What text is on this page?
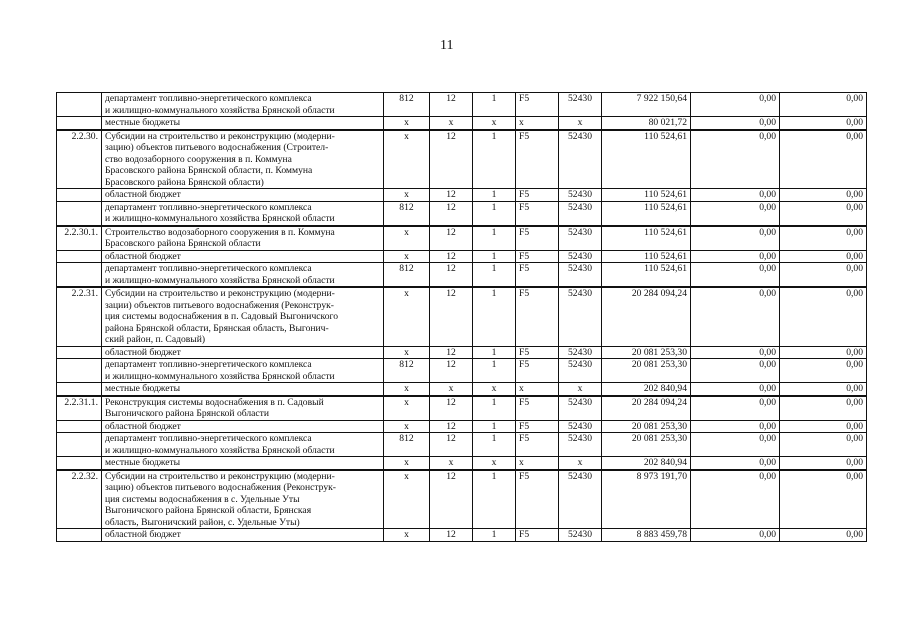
11

	департамент топливно-энергетического комплекса
и жилищно-коммунального хозяйства Брянской области	812	12	1	F5	52430	7 922 150,64	0,00	0,00

	местные бюджеты	x	x	x	x	x	80 021,72	0,00	0,00
2.2.30.	Субсидии на строительство и реконструкцию (модерни-
зацию) объектов питьевого водоснабжения (Строител-
ство водозаборного сооружения в п. Коммуна
Брасовского района Брянской области, п. Коммуна
Брасовского района Брянской области)	x	12	1	F5	52430	110 524,61	0,00	0,00

	областной бюджет	x	12	1	F5	52430	110 524,61	0,00	0,00

	департамент топливно-энергетического комплекса
и жилищно-коммунального хозяйства Брянской области	812	12	1	F5	52430	110 524,61	0,00	0,00
2.2.30.1.	Строительство водозаборного сооружения в п. Коммуна
Брасовского района Брянской области	x	12	1	F5	52430	110 524,61	0,00	0,00

	областной бюджет	x	12	1	F5	52430	110 524,61	0,00	0,00

	департамент топливно-энергетического комплекса
и жилищно-коммунального хозяйства Брянской области	812	12	1	F5	52430	110 524,61	0,00	0,00
2.2.31.	Субсидии на строительство и реконструкцию (модерни-
зации) объектов питьевого водоснабжения (Реконструк-
ция системы водоснабжения в п. Садовый Выгоничского
района Брянской области, Брянская область, Выгонич-
ский район, п. Садовый)	x	12	1	F5	52430	20 284 094,24	0,00	0,00

	областной бюджет	x	12	1	F5	52430	20 081 253,30	0,00	0,00

	департамент топливно-энергетического комплекса
и жилищно-коммунального хозяйства Брянской области	812	12	1	F5	52430	20 081 253,30	0,00	0,00

	местные бюджеты	x	x	x	x	x	202 840,94	0,00	0,00
2.2.31.1.	Реконструкция системы водоснабжения в п. Садовый
Выгоничского района Брянской области	x	12	1	F5	52430	20 284 094,24	0,00	0,00

	областной бюджет	x	12	1	F5	52430	20 081 253,30	0,00	0,00

	департамент топливно-энергетического комплекса
и жилищно-коммунального хозяйства Брянской области	812	12	1	F5	52430	20 081 253,30	0,00	0,00

	местные бюджеты	x	x	x	x	x	202 840,94	0,00	0,00
2.2.32.	Субсидии на строительство и реконструкцию (модерни-
зацию) объектов питьевого водоснабжения (Реконструк-
ция системы водоснабжения в с. Удельные Уты
Выгоничского района Брянской области, Брянская
область, Выгоничский район, с. Удельные Уты)	x	12	1	F5	52430	8 973 191,70	0,00	0,00

	областной бюджет	x	12	1	F5	52430	8 883 459,78	0,00	0,00
